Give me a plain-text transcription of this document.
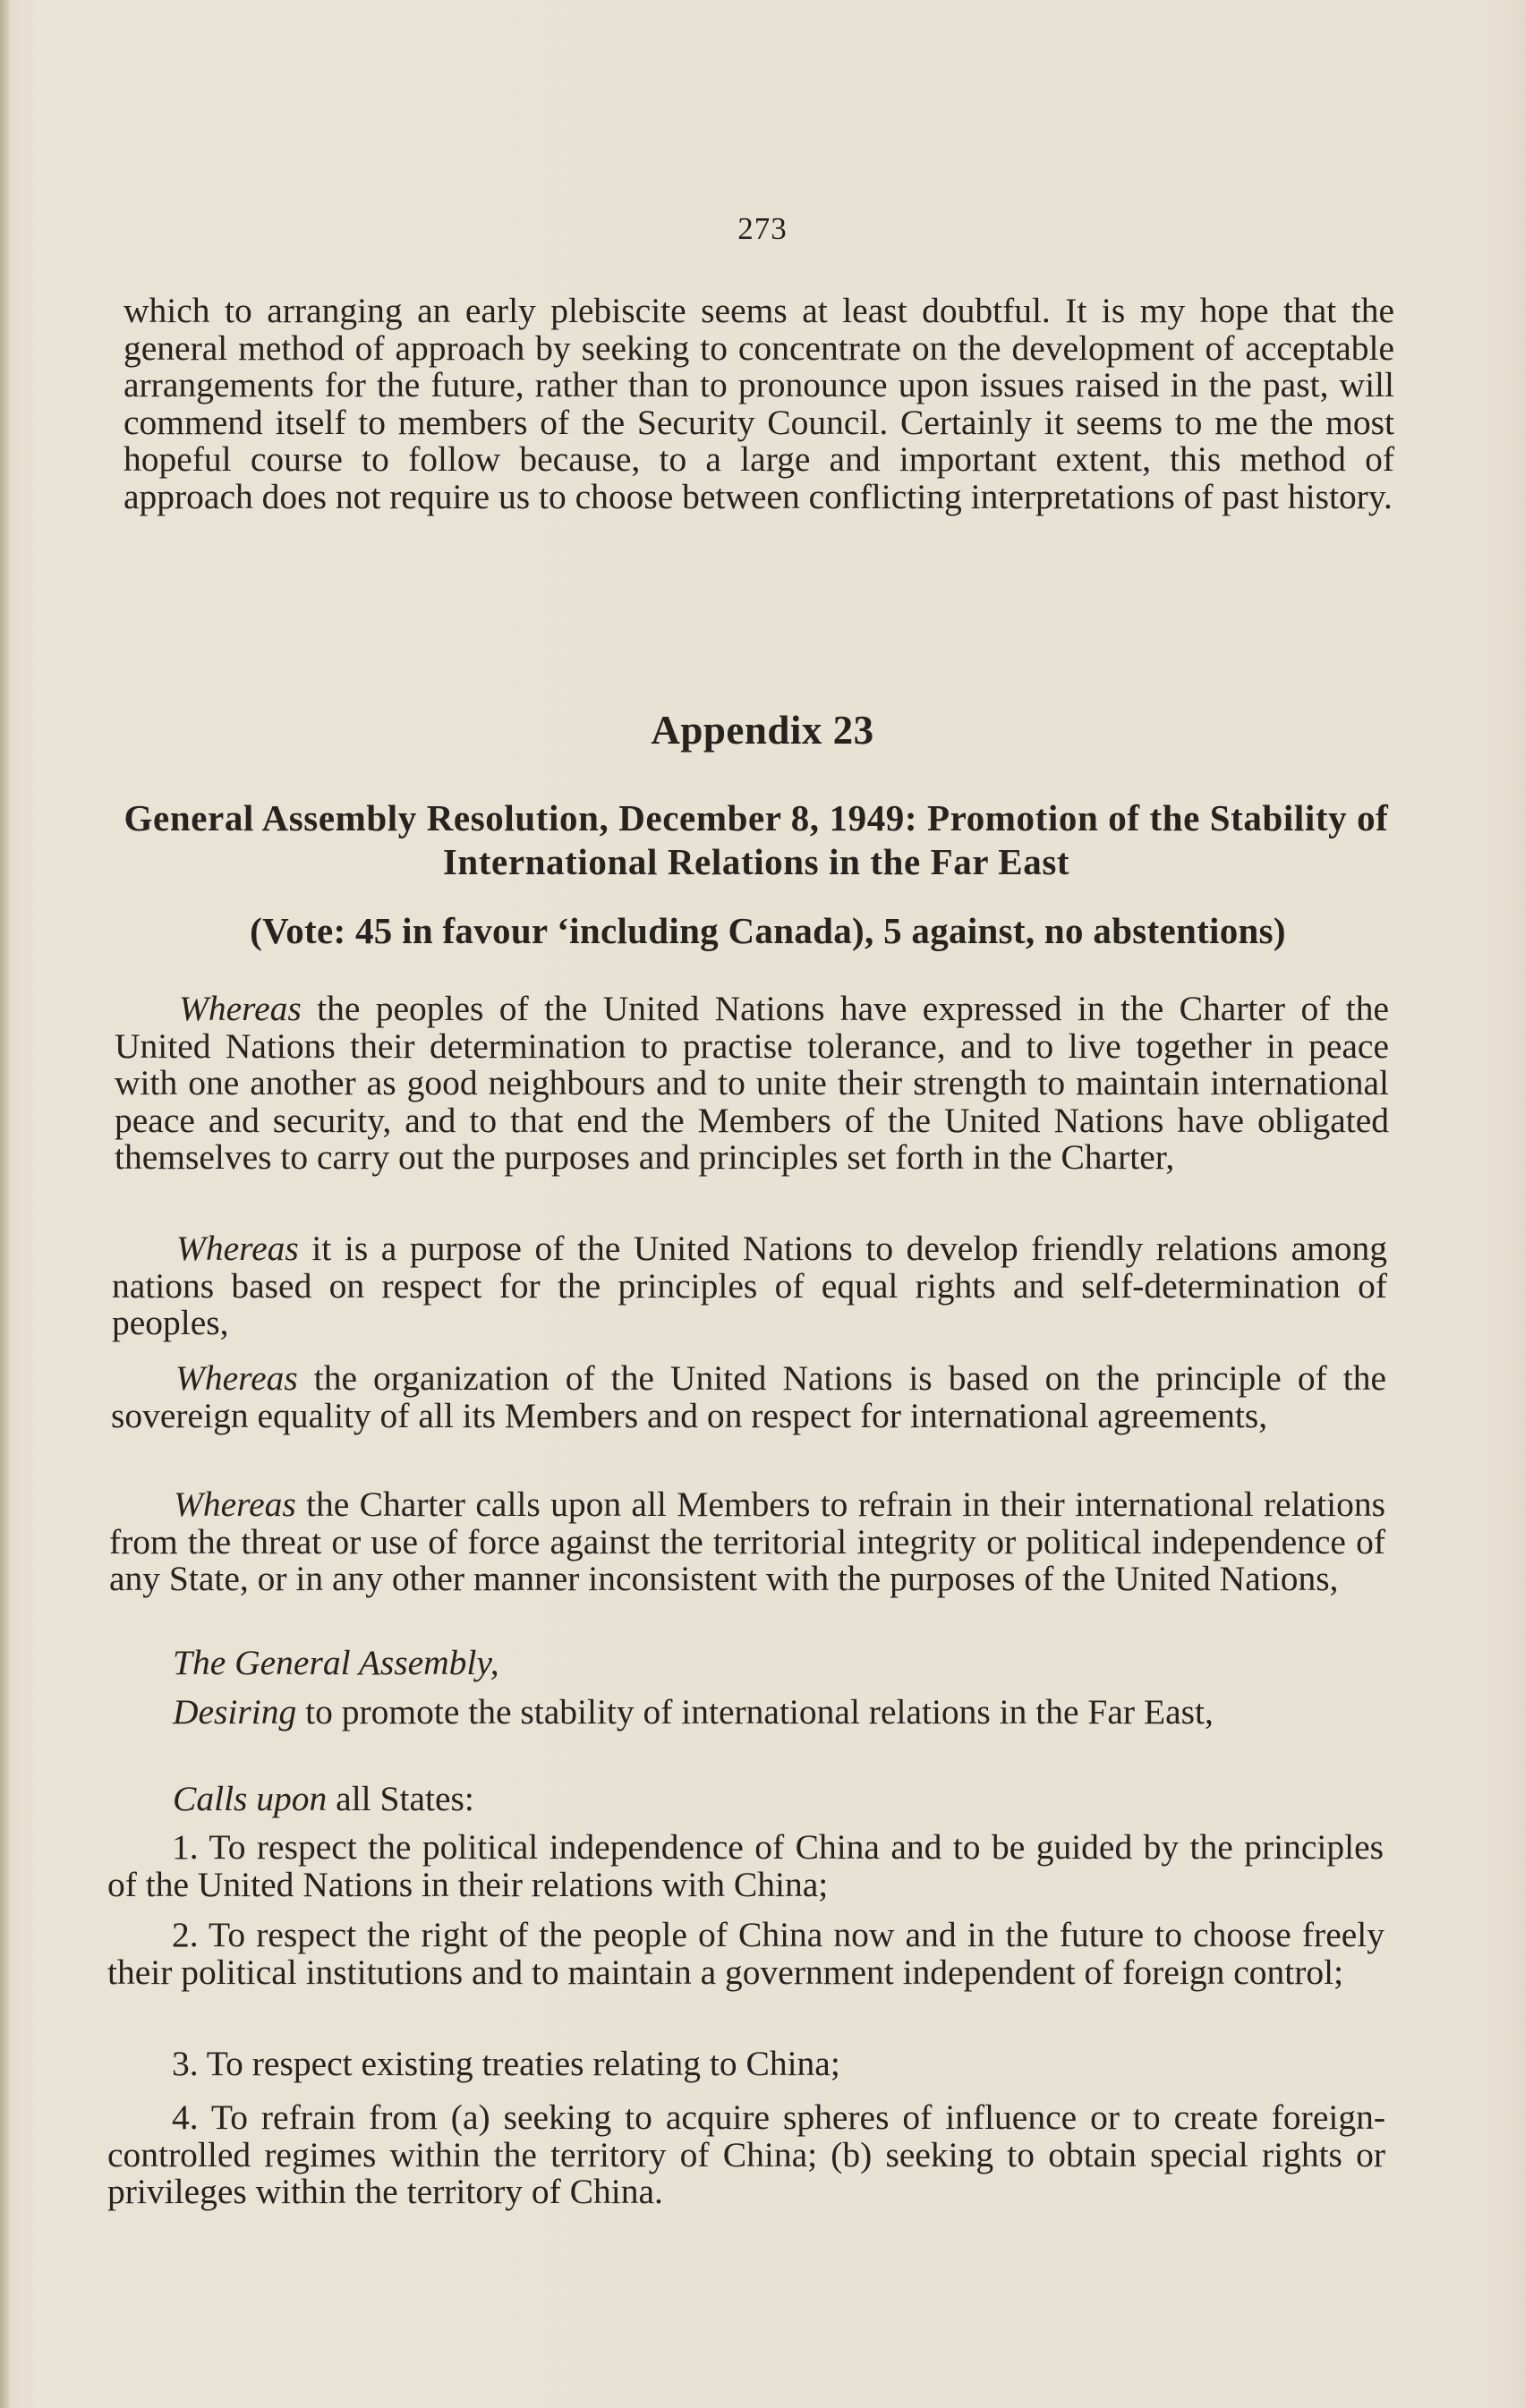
273

which to arranging an early plebiscite seems at least doubtful. It is my hope that the general method of approach by seeking to concentrate on the development of acceptable arrangements for the future, rather than to pronounce upon issues raised in the past, will commend itself to members of the Security Council. Certainly it seems to me the most hopeful course to follow because, to a large and important extent, this method of approach does not require us to choose between conflicting interpretations of past history.

Appendix 23
General Assembly Resolution, December 8, 1949: Promotion of the Stability of International Relations in the Far East
(Vote: 45 in favour ʻincluding Canada), 5 against, no abstentions)

Whereas the peoples of the United Nations have expressed in the Charter of the United Nations their determination to practise tolerance, and to live together in peace with one another as good neighbours and to unite their strength to maintain international peace and security, and to that end the Members of the United Nations have obligated themselves to carry out the purposes and principles set forth in the Charter,

Whereas it is a purpose of the United Nations to develop friendly relations among nations based on respect for the principles of equal rights and self-determination of peoples,

Whereas the organization of the United Nations is based on the principle of the sovereign equality of all its Members and on respect for international agreements,

Whereas the Charter calls upon all Members to refrain in their international relations from the threat or use of force against the territorial integrity or political independence of any State, or in any other manner inconsistent with the purposes of the United Nations,

The General Assembly,

Desiring to promote the stability of international relations in the Far East,

Calls upon all States:

1. To respect the political independence of China and to be guided by the principles of the United Nations in their relations with China;

2. To respect the right of the people of China now and in the future to choose freely their political institutions and to maintain a government independent of foreign control;

3. To respect existing treaties relating to China;

4. To refrain from (a) seeking to acquire spheres of influence or to create foreign-controlled regimes within the territory of China; (b) seeking to obtain special rights or privileges within the territory of China.
